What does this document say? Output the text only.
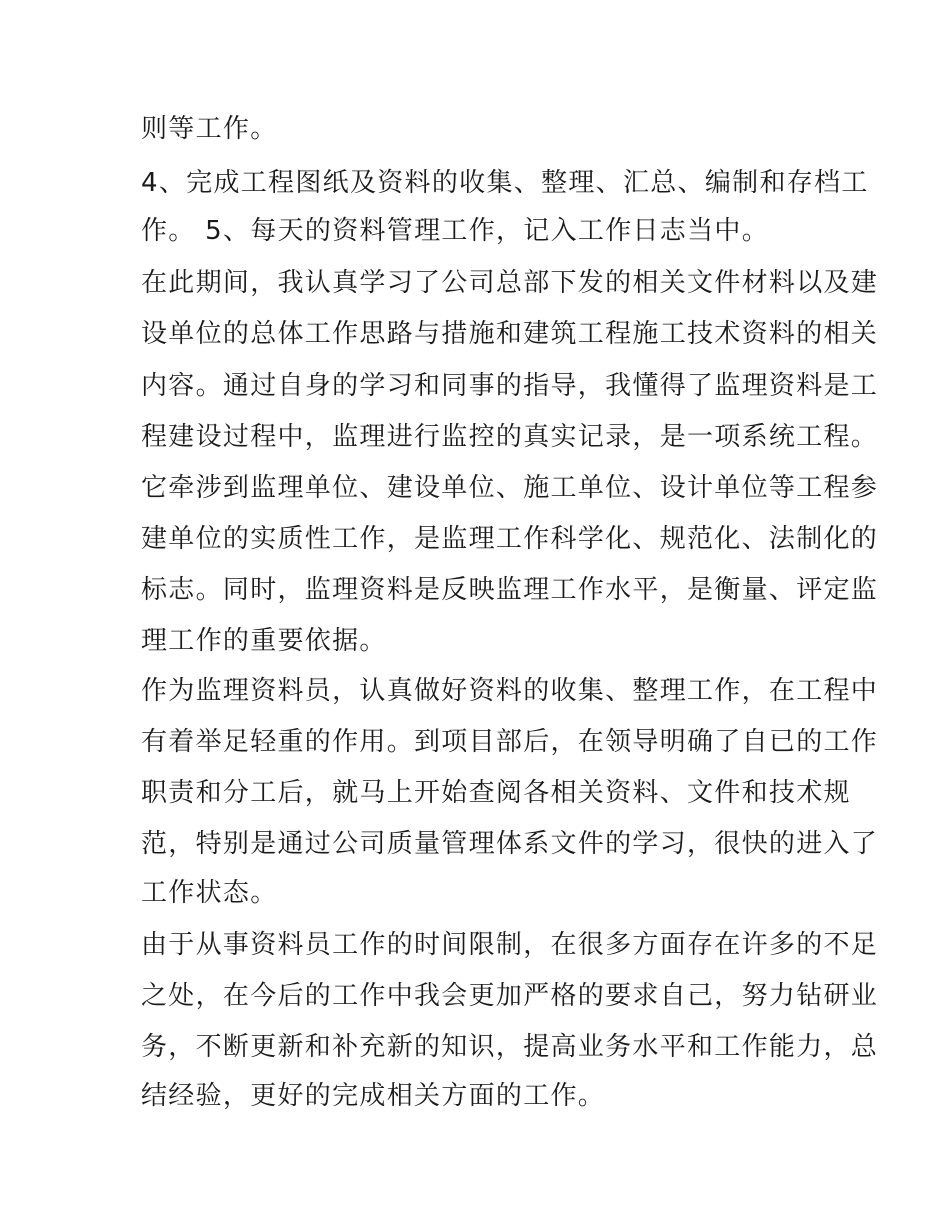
则等工作。

4、完成工程图纸及资料的收集、整理、汇总、编制和存档工

作。 5、每天的资料管理工作，记入工作日志当中。

在此期间，我认真学习了公司总部下发的相关文件材料以及建

设单位的总体工作思路与措施和建筑工程施工技术资料的相关

内容。通过自身的学习和同事的指导，我懂得了监理资料是工

程建设过程中，监理进行监控的真实记录，是一项系统工程。

它牵涉到监理单位、建设单位、施工单位、设计单位等工程参

建单位的实质性工作，是监理工作科学化、规范化、法制化的

标志。同时，监理资料是反映监理工作水平，是衡量、评定监

理工作的重要依据。

作为监理资料员，认真做好资料的收集、整理工作，在工程中

有着举足轻重的作用。到项目部后，在领导明确了自已的工作

职责和分工后，就马上开始查阅各相关资料、文件和技术规

范，特别是通过公司质量管理体系文件的学习，很快的进入了

工作状态。

由于从事资料员工作的时间限制，在很多方面存在许多的不足

之处，在今后的工作中我会更加严格的要求自己，努力钻研业

务，不断更新和补充新的知识，提高业务水平和工作能力，总

结经验，更好的完成相关方面的工作。
